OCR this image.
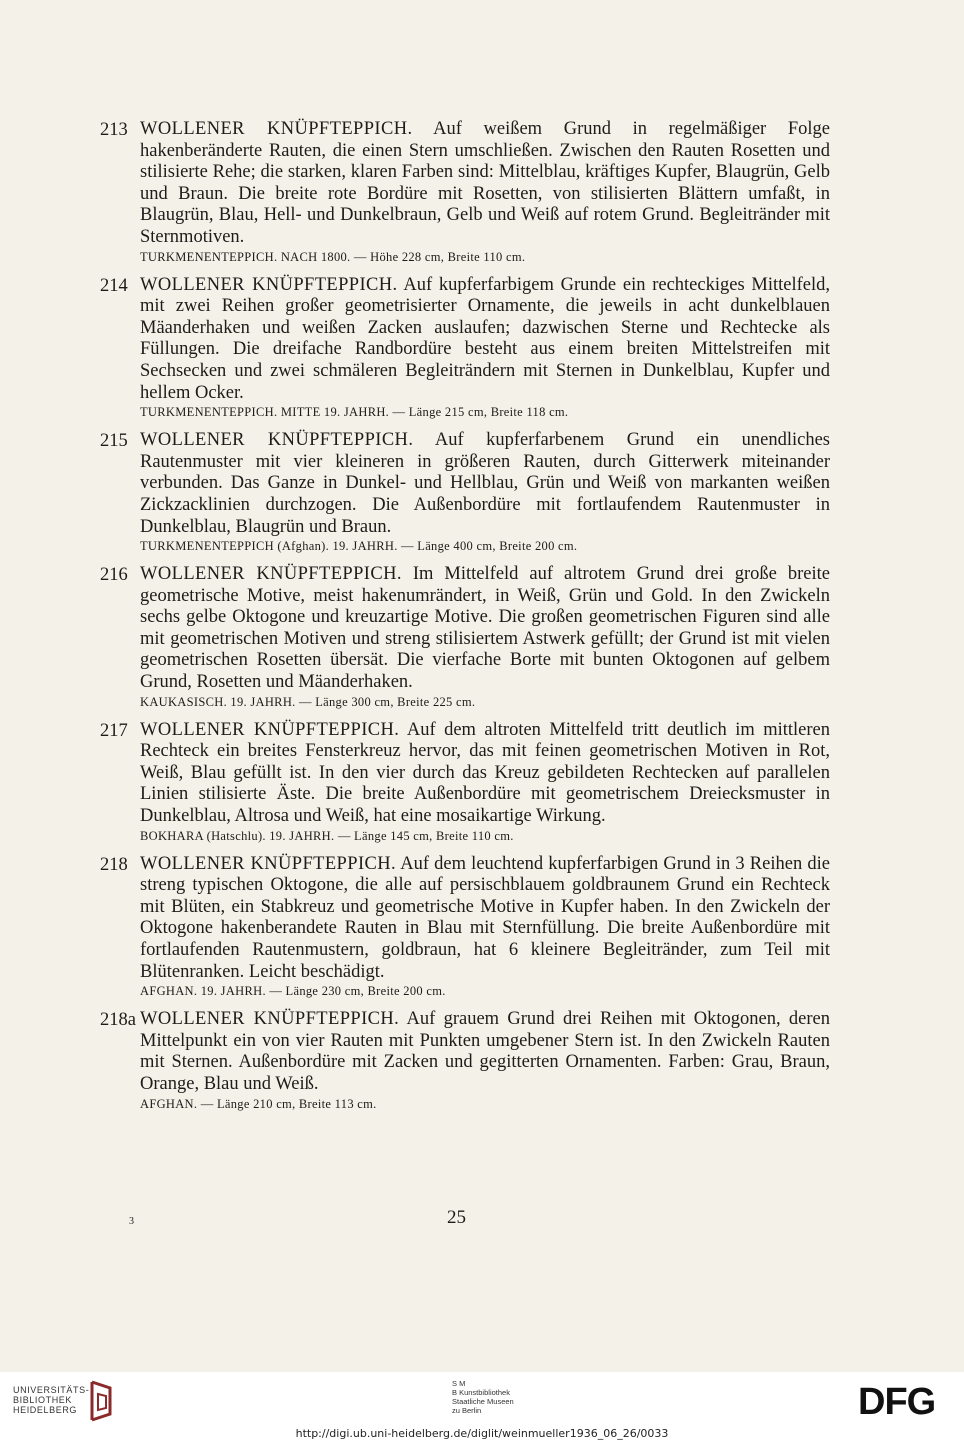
213 WOLLENER KNÜPFTEPPICH. Auf weißem Grund in regelmäßiger Folge hakenberänderte Rauten, die einen Stern umschließen. Zwischen den Rauten Rosetten und stilisierte Rehe; die starken, klaren Farben sind: Mittelblau, kräftiges Kupfer, Blaugrün, Gelb und Braun. Die breite rote Bordüre mit Rosetten, von stilisierten Blättern umfaßt, in Blaugrün, Blau, Hell- und Dunkelbraun, Gelb und Weiß auf rotem Grund. Begleitränder mit Sternmotiven.
TURKMENENTEPPICH. NACH 1800. — Höhe 228 cm, Breite 110 cm.
214 WOLLENER KNÜPFTEPPICH. Auf kupferfarbigem Grunde ein rechteckiges Mittelfeld, mit zwei Reihen großer geometrisierter Ornamente, die jeweils in acht dunkelblauen Mäanderhaken und weißen Zacken auslaufen; dazwischen Sterne und Rechtecke als Füllungen. Die dreifache Randbordüre besteht aus einem breiten Mittelstreifen mit Sechsecken und zwei schmäleren Begleiträndern mit Sternen in Dunkelblau, Kupfer und hellem Ocker.
TURKMENENTEPPICH. MITTE 19. JAHRH. — Länge 215 cm, Breite 118 cm.
215 WOLLENER KNÜPFTEPPICH. Auf kupferfarbenem Grund ein unendliches Rautenmuster mit vier kleineren in größeren Rauten, durch Gitterwerk miteinander verbunden. Das Ganze in Dunkel- und Hellblau, Grün und Weiß von markanten weißen Zickzacklinien durchzogen. Die Außenbordüre mit fortlaufendem Rautenmuster in Dunkelblau, Blaugrün und Braun.
TURKMENENTEPPICH (Afghan). 19. JAHRH. — Länge 400 cm, Breite 200 cm.
216 WOLLENER KNÜPFTEPPICH. Im Mittelfeld auf altrotem Grund drei große breite geometrische Motive, meist hakenumrändert, in Weiß, Grün und Gold. In den Zwickeln sechs gelbe Oktogone und kreuzartige Motive. Die großen geometrischen Figuren sind alle mit geometrischen Motiven und streng stilisiertem Astwerk gefüllt; der Grund ist mit vielen geometrischen Rosetten übersät. Die vierfache Borte mit bunten Oktogonen auf gelbem Grund, Rosetten und Mäanderhaken.
KAUKASISCH. 19. JAHRH. — Länge 300 cm, Breite 225 cm.
217 WOLLENER KNÜPFTEPPICH. Auf dem altroten Mittelfeld tritt deutlich im mittleren Rechteck ein breites Fensterkreuz hervor, das mit feinen geometrischen Motiven in Rot, Weiß, Blau gefüllt ist. In den vier durch das Kreuz gebildeten Rechtecken auf parallelen Linien stilisierte Äste. Die breite Außenbordüre mit geometrischem Dreiecksmuster in Dunkelblau, Altrosa und Weiß, hat eine mosaikartige Wirkung.
BOKHARA (Hatschlu). 19. JAHRH. — Länge 145 cm, Breite 110 cm.
218 WOLLENER KNÜPFTEPPICH. Auf dem leuchtend kupferfarbigen Grund in 3 Reihen die streng typischen Oktogone, die alle auf persischblauem goldbraunem Grund ein Rechteck mit Blüten, ein Stabkreuz und geometrische Motive in Kupfer haben. In den Zwickeln der Oktogone hakenberandete Rauten in Blau mit Sternfüllung. Die breite Außenbordüre mit fortlaufenden Rautenmustern, goldbraun, hat 6 kleinere Begleitränder, zum Teil mit Blütenranken. Leicht beschädigt.
AFGHAN. 19. JAHRH. — Länge 230 cm, Breite 200 cm.
218a WOLLENER KNÜPFTEPPICH. Auf grauem Grund drei Reihen mit Oktogonen, deren Mittelpunkt ein von vier Rauten mit Punkten umgebener Stern ist. In den Zwickeln Rauten mit Sternen. Außenbordüre mit Zacken und gegitterten Ornamenten. Farben: Grau, Braun, Orange, Blau und Weiß.
AFGHAN. — Länge 210 cm, Breite 113 cm.
3	25
UNIVERSITÄTS-
BIBLIOTHEK
HEIDELBERG
S M
B Kunstbibliothek
Staatliche Museen
zu Berlin	DFG
http://digi.ub.uni-heidelberg.de/diglit/weinmueller1936_06_26/0033
